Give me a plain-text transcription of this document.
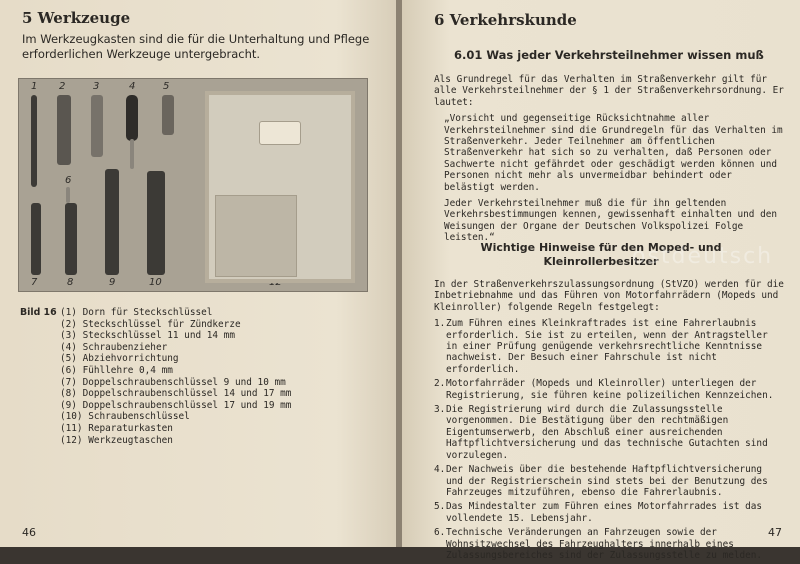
5 Werkzeuge
Im Werkzeugkasten sind die für die Unterhaltung und Pflege erforderlichen Werkzeuge untergebracht.
1 2	3	4	5
6
7	8	9	10
Bild 16 (1) Dorn für Steckschlüssel
(2) Steckschlüssel für Zündkerze
(3) Steckschlüssel 11 und 14 mm
(4) Schraubenzieher
(5) Abziehvorrichtung
(6) Fühllehre 0,4 mm
(7) Doppelschraubenschlüssel 9 und 10 mm
(8) Doppelschraubenschlüssel 14 und 17 mm
(9) Doppelschraubenschlüssel 17 und 19 mm
(10) Schraubenschlüssel
(11) Reparaturkasten
(12) Werkzeugtaschen
46
6 Verkehrskunde
6.01 Was jeder Verkehrsteilnehmer wissen muß

Als Grundregel für das Verhalten im Straßenverkehr gilt für alle Verkehrsteilnehmer der § 1 der Straßenverkehrsordnung. Er lautet:

„Vorsicht und gegenseitige Rücksichtnahme aller Verkehrsteilnehmer sind die Grundregeln für das Verhalten im Straßenverkehr. Jeder Teilnehmer am öffentlichen Straßenverkehr hat sich so zu verhalten, daß Personen oder Sachwerte nicht gefährdet oder geschädigt werden können und Personen nicht mehr als unvermeidbar behindert oder belästigt werden.

Jeder Verkehrsteilnehmer muß die für ihn geltenden Verkehrsbestimmungen kennen, gewissenhaft einhalten und den Weisungen der Organe der Deutschen Volkspolizei Folge leisten.“

Wichtige Hinweise für den Moped- und
Kleinrollerbesitzer
ostdeutsch

In der Straßenverkehrszulassungsordnung (StVZO) werden für die Inbetriebnahme und das Führen von Motorfahrrädern (Mopeds und Kleinroller) folgende Regeln festgelegt:

1. Zum Führen eines Kleinkraftrades ist eine Fahrerlaubnis erforderlich. Sie ist zu erteilen, wenn der Antragsteller in einer Prüfung genügende verkehrsrechtliche Kenntnisse nachweist. Der Besuch einer Fahrschule ist nicht erforderlich.
2. Motorfahrräder (Mopeds und Kleinroller) unterliegen der Registrierung, sie führen keine polizeilichen Kennzeichen.
3. Die Registrierung wird durch die Zulassungsstelle vorgenommen. Die Bestätigung über den rechtmäßigen Eigentumserwerb, den Abschluß einer ausreichenden Haftpflichtversicherung und das technische Gutachten sind vorzulegen.
4. Der Nachweis über die bestehende Haftpflichtversicherung und der Registrierschein sind stets bei der Benutzung des Fahrzeuges mitzuführen, ebenso die Fahrerlaubnis.
5. Das Mindestalter zum Führen eines Motorfahrrades ist das vollendete 15. Lebensjahr.
6. Technische Veränderungen an Fahrzeugen sowie der Wohnsitzwechsel des Fahrzeughalters innerhalb eines Zulassungsbereiches sind der Zulassungsstelle zu melden.
47
